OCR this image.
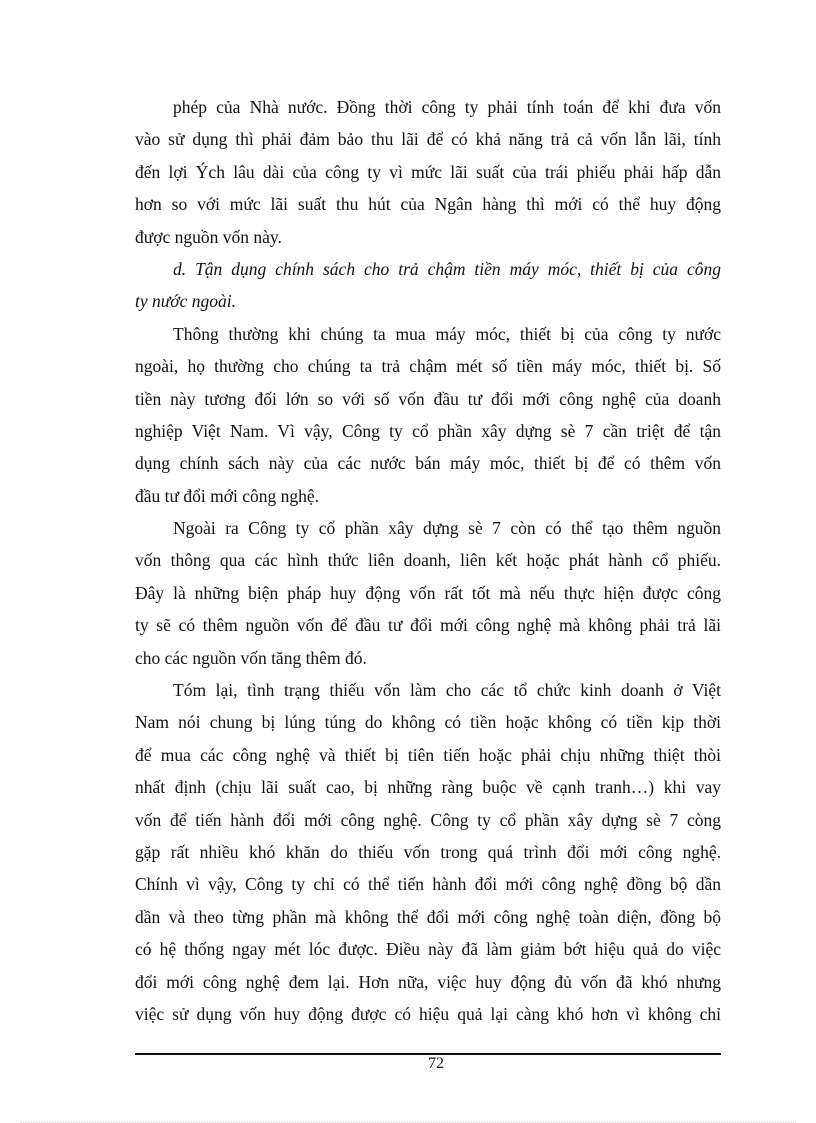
phép của Nhà nước. Đồng thời công ty phải tính toán để khi đưa vốn
vào sử dụng thì phải đảm bảo thu lãi để có khả năng trả cả vốn lẫn lãi, tính
đến lợi Ých lâu dài của công ty vì mức lãi suất của trái phiếu phải hấp dẫn
hơn so với mức lãi suất thu hút của Ngân hàng thì mới có thể huy động
được nguồn vốn này.
d. Tận dụng chính sách cho trả chậm tiền máy móc, thiết bị của công
ty nước ngoài.
Thông thường khi chúng ta mua máy móc, thiết bị của công ty nước
ngoài, họ thường cho chúng ta trả chậm mét số tiền máy móc, thiết bị. Số
tiền này tương đối lớn so với số vốn đầu tư đổi mới công nghệ của doanh
nghiệp Việt Nam. Vì vậy, Công ty cổ phần xây dựng sè 7 cần triệt để tận
dụng chính sách này của các nước bán máy móc, thiết bị để có thêm vốn
đầu tư đổi mới công nghệ.
Ngoài ra Công ty cổ phần xây dựng sè 7 còn có thể tạo thêm nguồn
vốn thông qua các hình thức liên doanh, liên kết hoặc phát hành cổ phiếu.
Đây là những biện pháp huy động vốn rất tốt mà nếu thực hiện được công
ty sẽ có thêm nguồn vốn để đầu tư đổi mới công nghệ mà không phải trả lãi
cho các nguồn vốn tăng thêm đó.
Tóm lại, tình trạng thiếu vốn làm cho các tổ chức kinh doanh ở Việt
Nam nói chung bị lúng túng do không có tiền hoặc không có tiền kịp thời
để mua các công nghệ và thiết bị tiên tiến hoặc phải chịu những thiệt thòi
nhất định (chịu lãi suất cao, bị những ràng buộc về cạnh tranh…) khi vay
vốn để tiến hành đổi mới công nghệ. Công ty cổ phần xây dựng sè 7 còng
gặp rất nhiều khó khăn do thiếu vốn trong quá trình đổi mới công nghệ.
Chính vì vậy, Công ty chỉ có thể tiến hành đổi mới công nghệ đồng bộ dần
dần và theo từng phần mà không thể đổi mới công nghệ toàn diện, đồng bộ
có hệ thống ngay mét lóc được. Điều này đã làm giảm bớt hiệu quả do việc
đổi mới công nghệ đem lại. Hơn nữa, việc huy động đủ vốn đã khó nhưng
việc sử dụng vốn huy động được có hiệu quả lại càng khó hơn vì không chỉ
72
